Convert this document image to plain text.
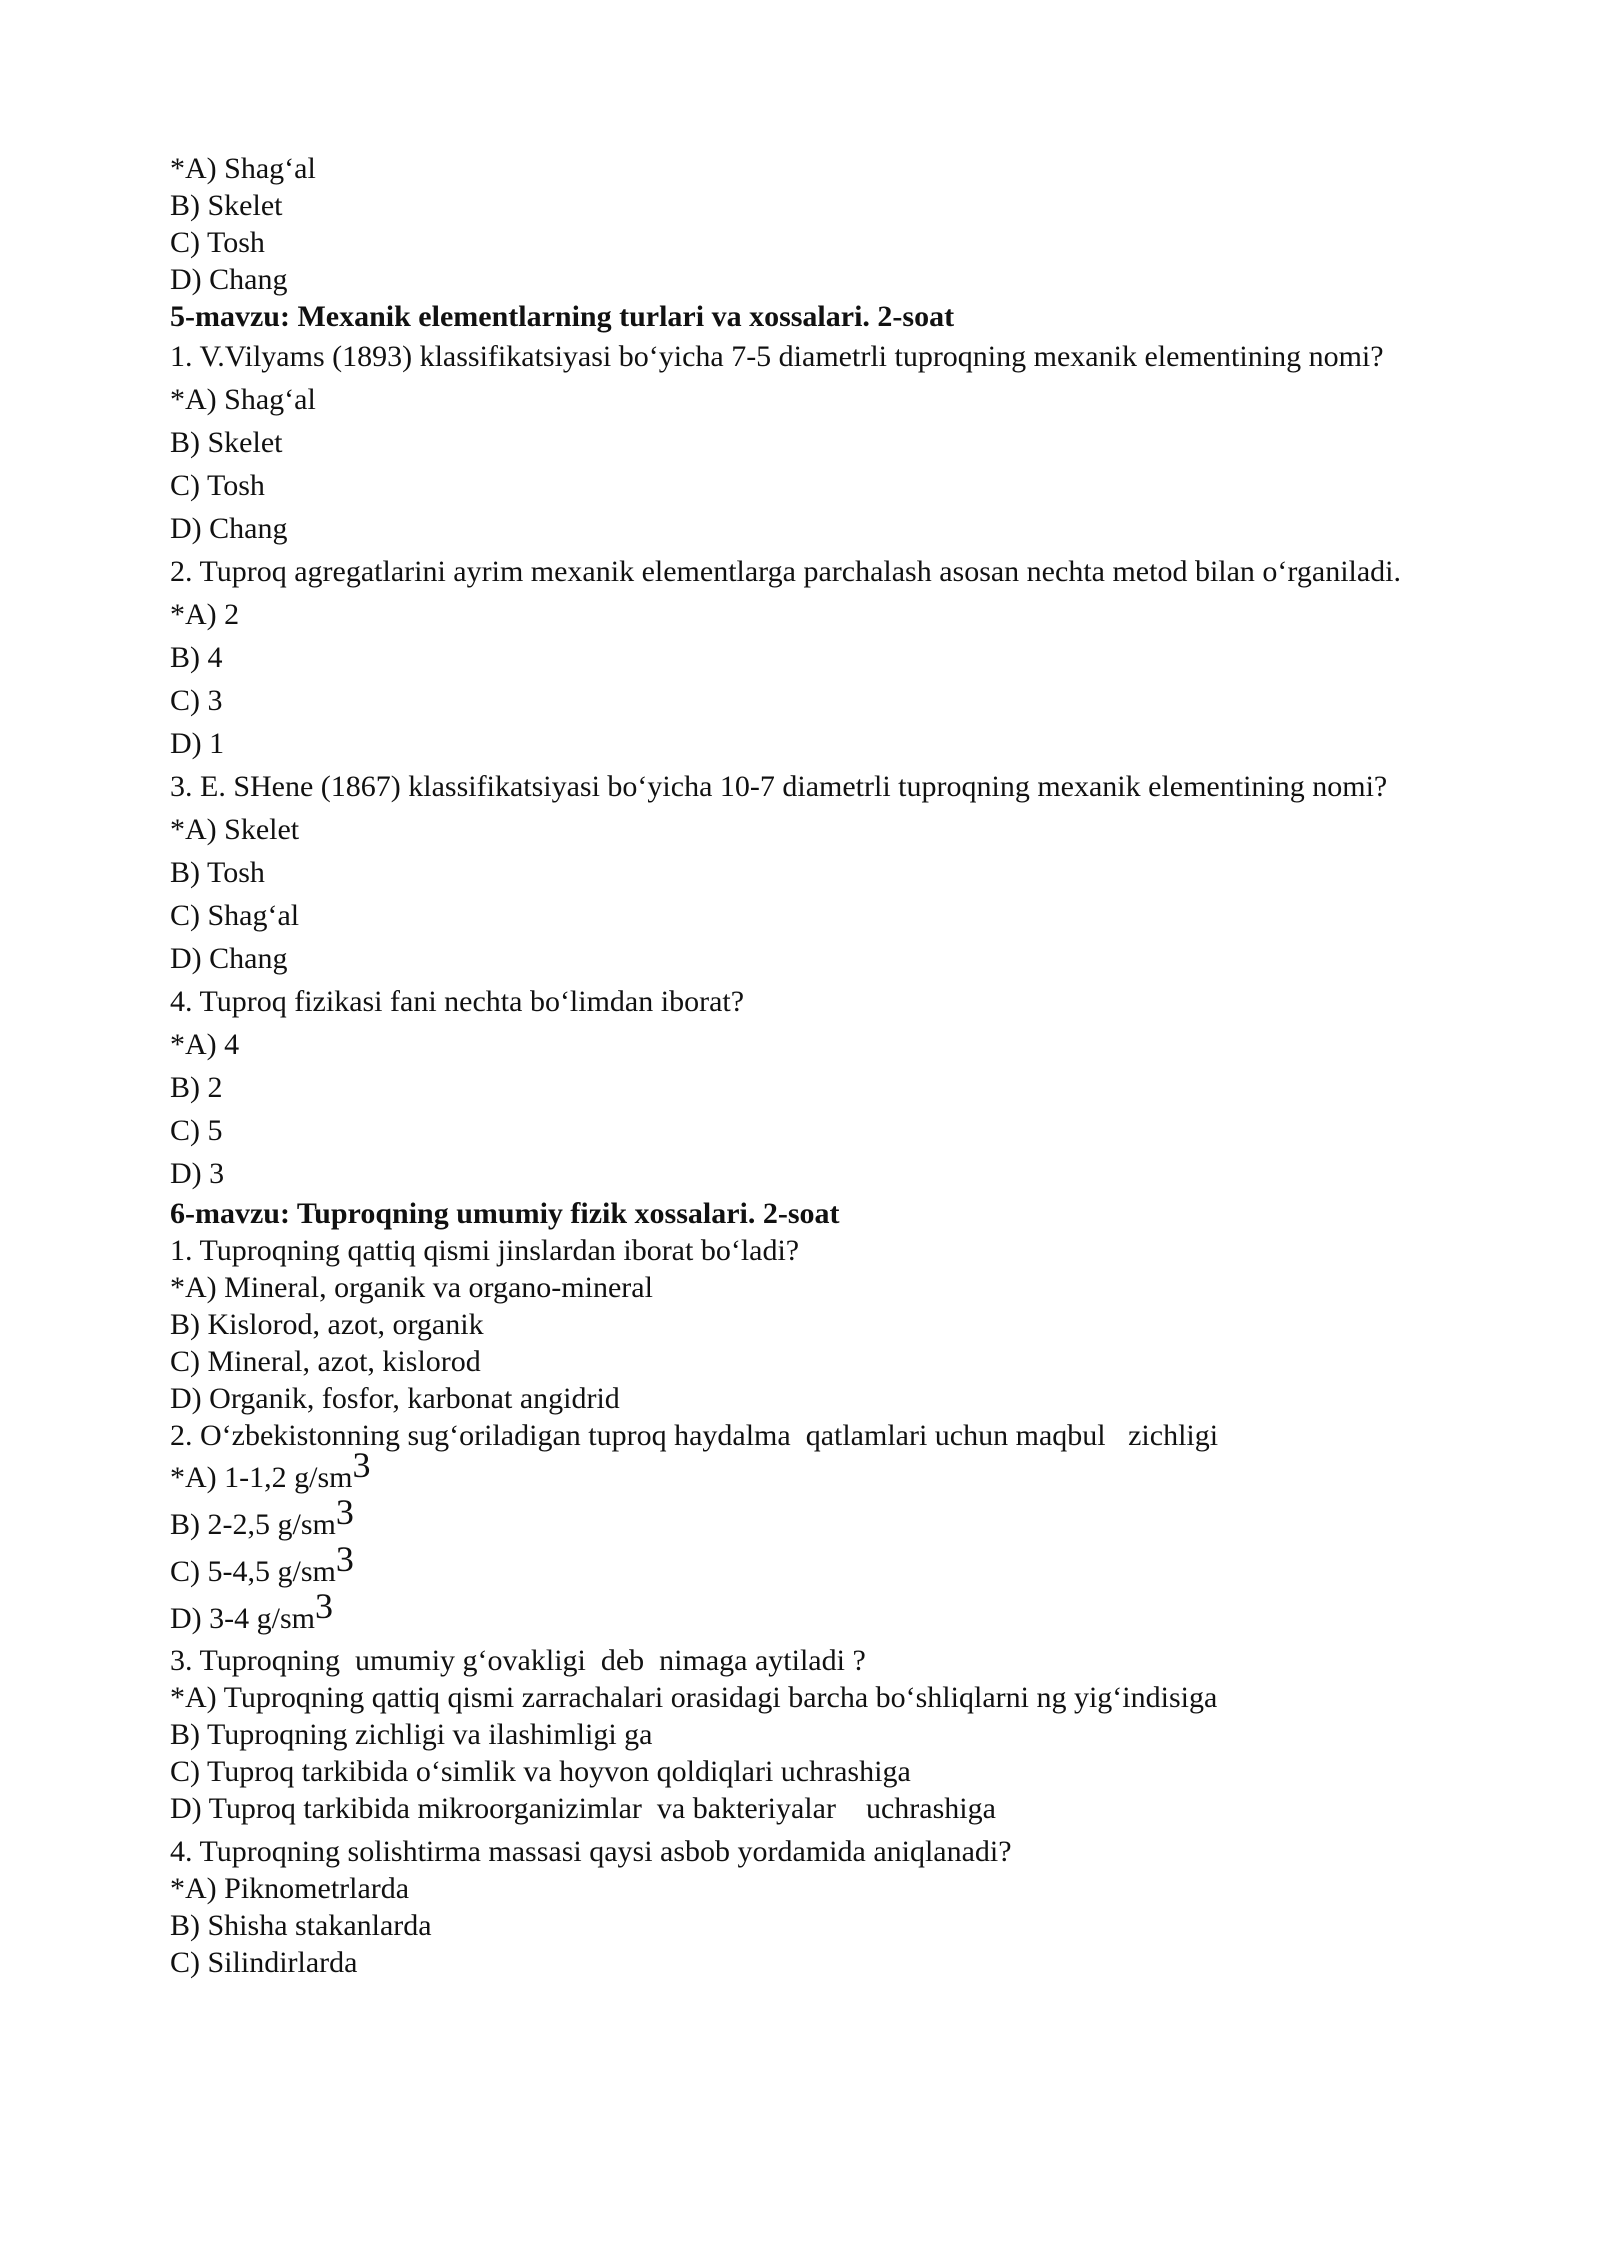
*A) Shag‘al
B) Skelet
C) Tosh
D) Chang
5-mavzu: Mexanik elementlarning turlari va xossalari. 2-soat
1. V.Vilyams (1893) klassifikatsiyasi bo‘yicha 7-5 diametrli tuproqning mexanik elementining nomi?
*A) Shag‘al
B) Skelet
C) Tosh
D) Chang
2. Tuproq agregatlarini ayrim mexanik elementlarga parchalash asosan nechta metod bilan o‘rganiladi.
*A) 2
B) 4
C) 3
D) 1
3. E. SHene (1867) klassifikatsiyasi bo‘yicha 10-7 diametrli tuproqning mexanik elementining nomi?
*A) Skelet
B) Tosh
C) Shag‘al
D) Chang
4. Tuproq fizikasi fani nechta bo‘limdan iborat?
*A) 4
B) 2
C) 5
D) 3
6-mavzu: Tuproqning umumiy fizik xossalari. 2-soat
1. Tuproqning qattiq qismi jinslardan iborat bo‘ladi?
*A) Mineral, organik va organo-mineral
B) Kislorod, azot, organik
C) Mineral, azot, kislorod
D) Organik, fosfor, karbonat angidrid
2. O‘zbekistonning sug‘oriladigan tuproq haydalma  qatlamlari uchun maqbul   zichligi
*A) 1-1,2 $g/sm^3$
B) 2-2,5 $g/sm^3$
C) 5-4,5 $g/sm^3$
D) 3-4 $g/sm^3$
3. Tuproqning  umumiy g‘ovakligi  deb  nimaga aytiladi ?
*A) Tuproqning qattiq qismi zarrachalari orasidagi barcha bo‘shliqlarni ng yig‘indisiga
B) Tuproqning zichligi va ilashimligi ga
C) Tuproq tarkibida o‘simlik va hoyvon qoldiqlari uchrashiga
D) Tuproq tarkibida mikroorganizimlar  va bakteriyalar    uchrashiga
4. Tuproqning solishtirma massasi qaysi asbob yordamida aniqlanadi?
*A) Piknometrlarda
B) Shisha stakanlarda
C) Silindirlarda
